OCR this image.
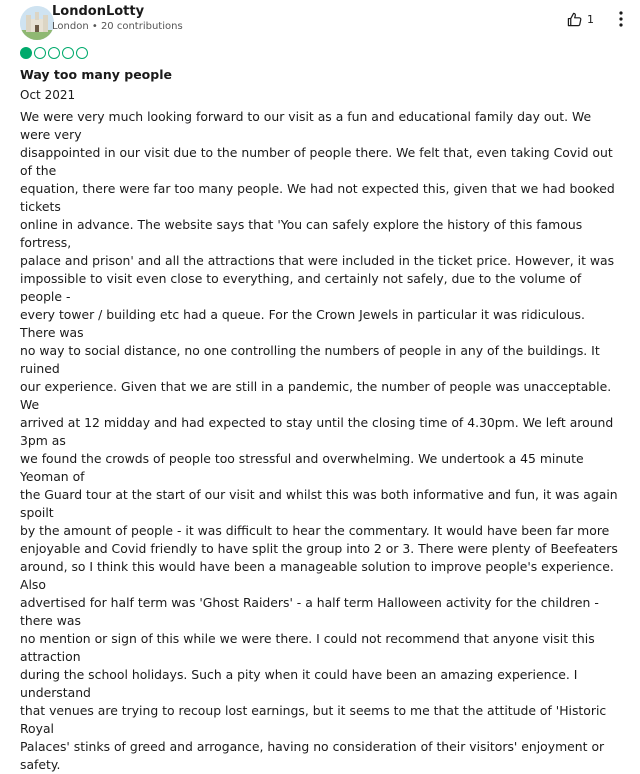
LondonLotty
London • 20 contributions
1
Way too many people
Oct 2021

We were very much looking forward to our visit as a fun and educational family day out. We were very
disappointed in our visit due to the number of people there. We felt that, even taking Covid out of the
equation, there were far too many people. We had not expected this, given that we had booked tickets
online in advance. The website says that 'You can safely explore the history of this famous fortress,
palace and prison' and all the attractions that were included in the ticket price. However, it was
impossible to visit even close to everything, and certainly not safely, due to the volume of people -
every tower / building etc had a queue. For the Crown Jewels in particular it was ridiculous. There was
no way to social distance, no one controlling the numbers of people in any of the buildings. It ruined
our experience. Given that we are still in a pandemic, the number of people was unacceptable. We
arrived at 12 midday and had expected to stay until the closing time of 4.30pm. We left around 3pm as
we found the crowds of people too stressful and overwhelming. We undertook a 45 minute Yeoman of
the Guard tour at the start of our visit and whilst this was both informative and fun, it was again spoilt
by the amount of people - it was difficult to hear the commentary. It would have been far more
enjoyable and Covid friendly to have split the group into 2 or 3. There were plenty of Beefeaters
around, so I think this would have been a manageable solution to improve people's experience. Also
advertised for half term was 'Ghost Raiders' - a half term Halloween activity for the children - there was
no mention or sign of this while we were there. I could not recommend that anyone visit this attraction
during the school holidays. Such a pity when it could have been an amazing experience. I understand
that venues are trying to recoup lost earnings, but it seems to me that the attitude of 'Historic Royal
Palaces' stinks of greed and arrogance, having no consideration of their visitors' enjoyment or safety.
